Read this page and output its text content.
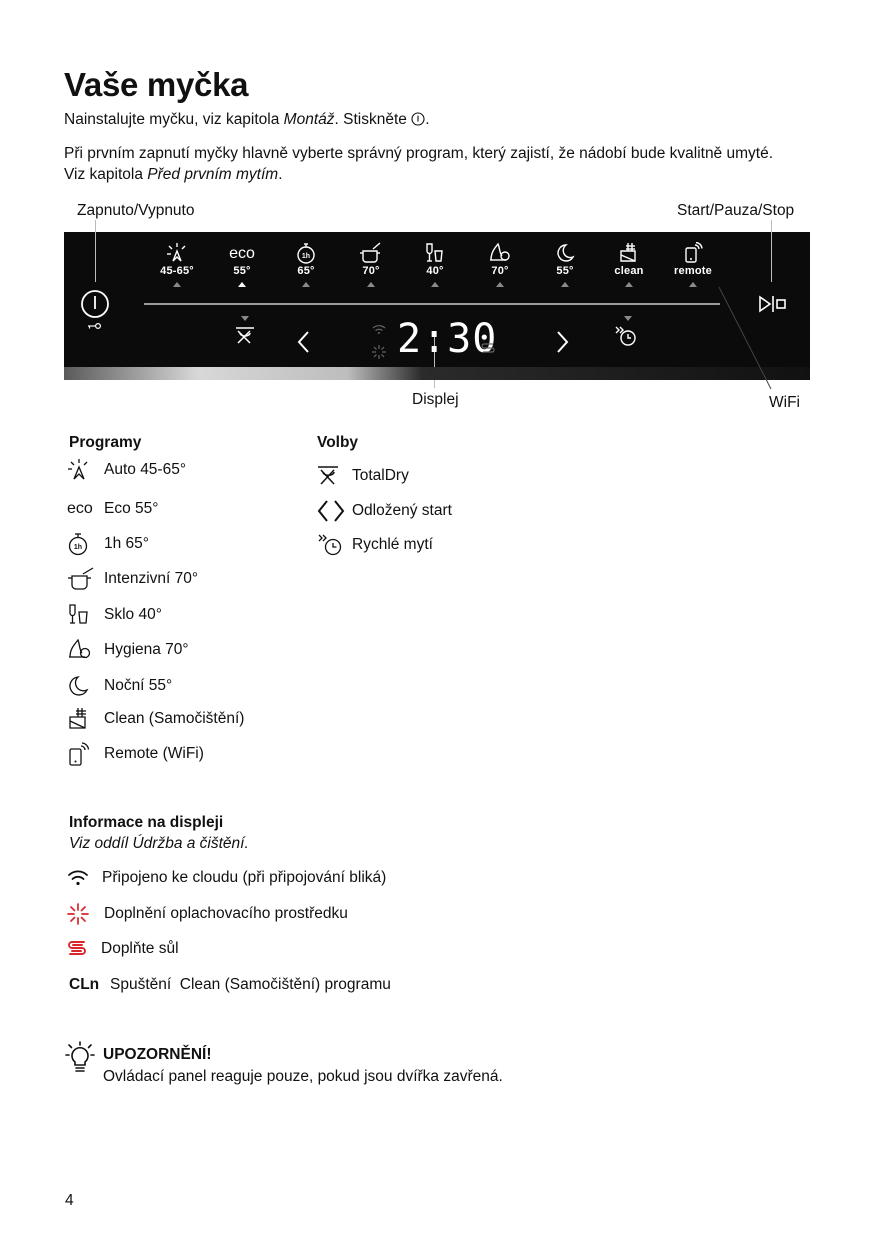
Vaše myčka
Nainstalujte myčku, viz kapitola Montáž. Stiskněte .
Při prvním zapnutí myčky hlavně vyberte správný program, který zajistí, že nádobí bude kvalitně umyté.
Viz kapitola Před prvním mytím.
Zapnuto/Vypnuto	Start/Pauza/Stop
Displej	WiFi
45-65°
eco
55°
1h
65°	70°	40°	70°	55°	clean	remote
2:30
Programy
Auto 45-65°
eco Eco 55°
1h 1h 65°
Intenzivní 70°
Sklo 40°
Hygiena 70°
Noční 55°
Clean (Samočištění)
Remote (WiFi)
Volby
TotalDry
Odložený start
Rychlé mytí
Informace na displeji
Viz oddíl Údržba a čištění.
Připojeno ke cloudu (při připojování bliká)
Doplnění oplachovacího prostředku
Doplňte sůl
CLn Spuštění  Clean (Samočištění) programu
UPOZORNĚNÍ!
Ovládací panel reaguje pouze, pokud jsou dvířka zavřená.
4
